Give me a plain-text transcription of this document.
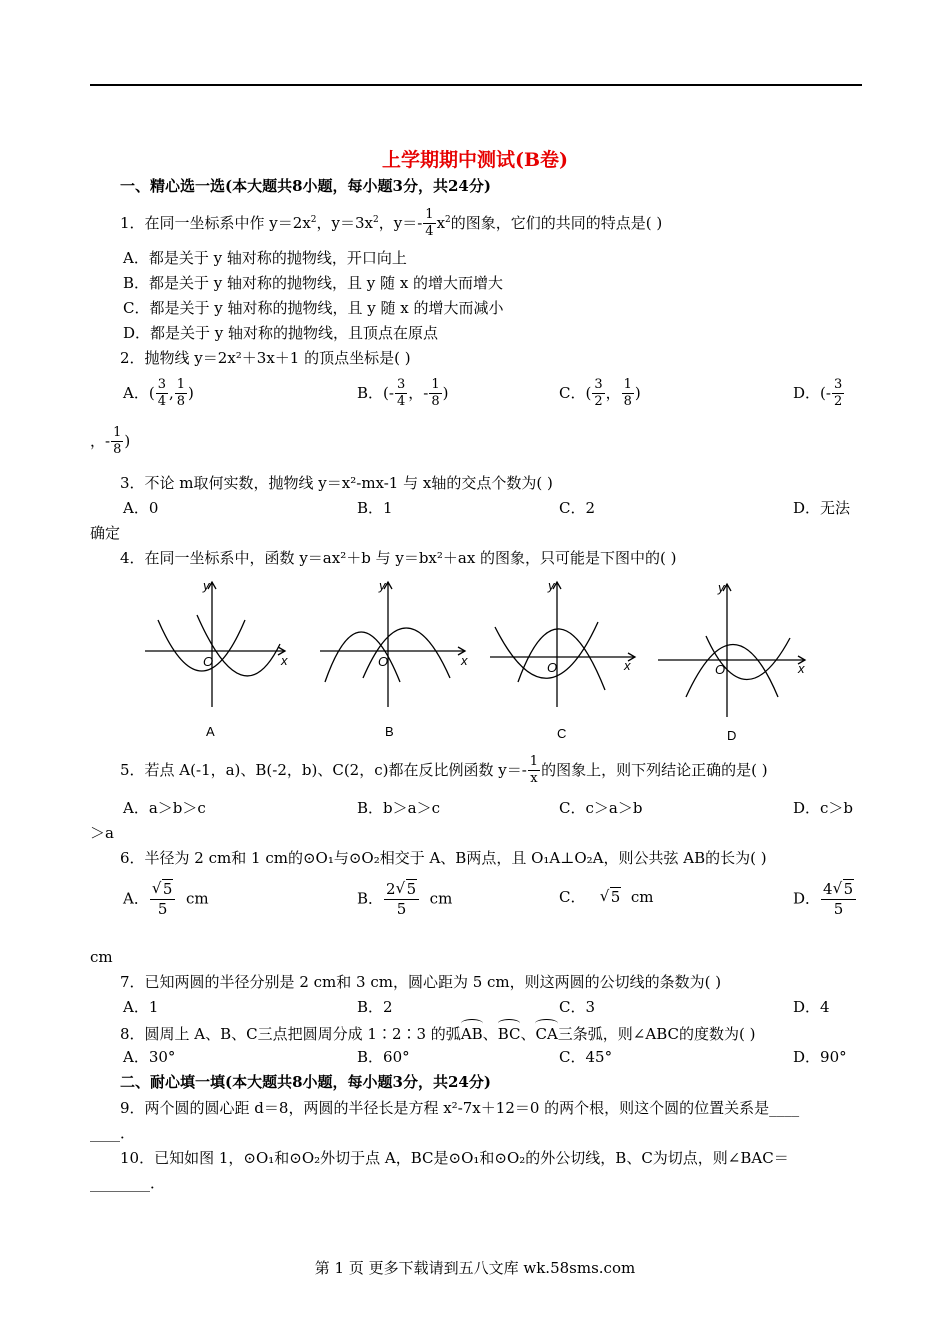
上学期期中测试(B卷)
一、精心选一选(本大题共8小题，每小题3分，共24分)
1．在同一坐标系中作 $y=2x^2$，$y=3x^2$，$y=- \frac{1}{4} x^2$的图象，它们的共同的特点是( )
A．都是关于 y 轴对称的抛物线，开口向上
B．都是关于 y 轴对称的抛物线，且 y 随 x 的增大而增大
C．都是关于 y 轴对称的抛物线，且 y 随 x 的增大而减小
D．都是关于 y 轴对称的抛物线，且顶点在原点
2．抛物线 y＝2x²＋3x＋1 的顶点坐标是( )
A．( $\frac{3}{4}$ , $\frac{1}{8}$ )	B．(- $\frac{3}{4}$ ，- $\frac{1}{8}$ )	C．( $\frac{3}{2}$ ， $\frac{1}{8}$ )	D．(- $\frac{3}{2}$
，- $\frac{1}{8}$ )
3．不论 m取何实数，抛物线 y＝x²-mx-1 与 x轴的交点个数为( )
A．0	B．1	C．2	D．无法
确定
4．在同一坐标系中，函数 y＝ax²＋b 与 y＝bx²＋ax 的图象，只可能是下图中的( )
y
O	x
y
O	x
y
O	x
y
O	x
A	B	C	D
5．若点 A(-1，a)、B(-2，b)、C(2，c)都在反比例函数 $y=- \frac{1}{x}$ 的图象上，则下列结论正确的是( )
A．a＞b＞c	B．b＞a＞c	C．c＞a＞b	D．c＞b
＞a
6．半径为 2 cm和 1 cm的⊙O₁与⊙O₂相交于 A、B两点，且 O₁A⊥O₂A，则公共弦 AB的长为( )
A． √ $\frac{5}{5}$ cm	B． $\frac{2 √ 5}{5}$ cm	C． √ 5 cm	D． $\frac{4 √ 5}{5}$
cm
7．已知两圆的半径分别是 2 cm和 3 cm，圆心距为 5 cm，则这两圆的公切线的条数为( )
A．1	B．2	C．3	D．4
8．圆周上 A、B、C三点把圆周分成 1∶2∶3 的弧AB、BC、CA三条弧，则∠ABC的度数为( )
A．30°	B．60°	C．45°	D．90°
二、耐心填一填(本大题共8小题，每小题3分，共24分)
9．两个圆的圆心距 d＝8，两圆的半径长是方程 x²-7x＋12＝0 的两个根，则这个圆的位置关系是____
____．
10．已知如图 1，⊙O₁和⊙O₂外切于点 A，BC是⊙O₁和⊙O₂的外公切线，B、C为切点，则∠BAC＝
________．
第 1 页 更多下载请到五八文库 wk.58sms.com
